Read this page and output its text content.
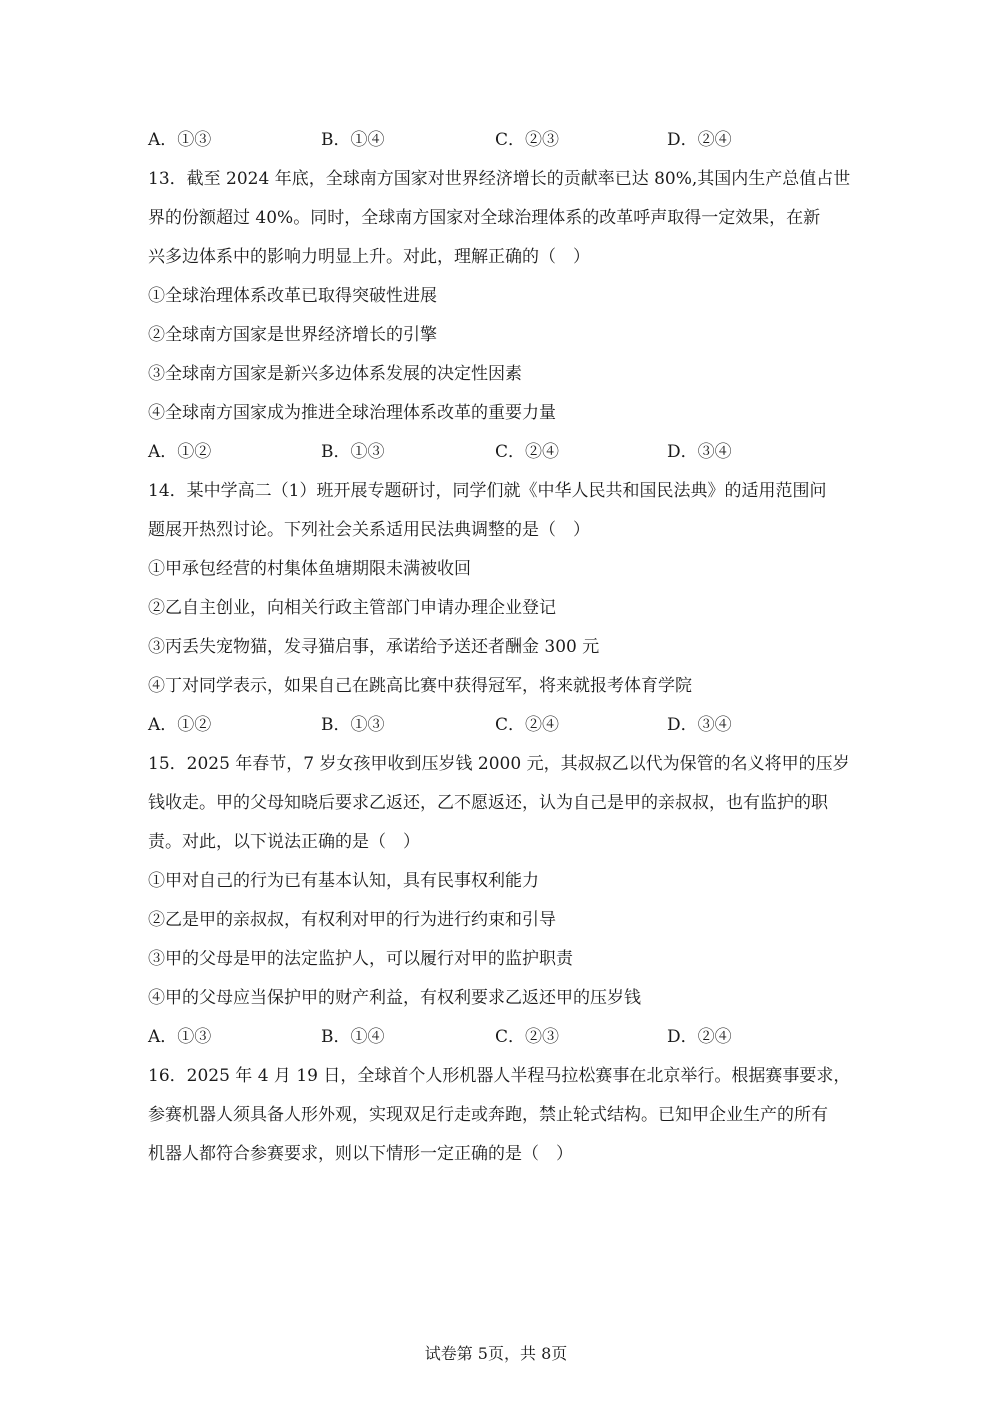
A．①③	B．①④	C．②③	D．②④
13．截至 2024 年底，全球南方国家对世界经济增长的贡献率已达 80%,其国内生产总值占世
界的份额超过 40%。同时，全球南方国家对全球治理体系的改革呼声取得一定效果，在新
兴多边体系中的影响力明显上升。对此，理解正确的（　）
①全球治理体系改革已取得突破性进展
②全球南方国家是世界经济增长的引擎
③全球南方国家是新兴多边体系发展的决定性因素
④全球南方国家成为推进全球治理体系改革的重要力量
A．①②	B．①③	C．②④	D．③④
14．某中学高二（1）班开展专题研讨，同学们就《中华人民共和国民法典》的适用范围问
题展开热烈讨论。下列社会关系适用民法典调整的是（　）
①甲承包经营的村集体鱼塘期限未满被收回
②乙自主创业，向相关行政主管部门申请办理企业登记
③丙丢失宠物猫，发寻猫启事，承诺给予送还者酬金 300 元
④丁对同学表示，如果自己在跳高比赛中获得冠军，将来就报考体育学院
A．①②	B．①③	C．②④	D．③④
15．2025 年春节，7 岁女孩甲收到压岁钱 2000 元，其叔叔乙以代为保管的名义将甲的压岁
钱收走。甲的父母知晓后要求乙返还，乙不愿返还，认为自己是甲的亲叔叔，也有监护的职
责。对此，以下说法正确的是（　）
①甲对自己的行为已有基本认知，具有民事权利能力
②乙是甲的亲叔叔，有权利对甲的行为进行约束和引导
③甲的父母是甲的法定监护人，可以履行对甲的监护职责
④甲的父母应当保护甲的财产利益，有权利要求乙返还甲的压岁钱
A．①③	B．①④	C．②③	D．②④
16．2025 年 4 月 19 日，全球首个人形机器人半程马拉松赛事在北京举行。根据赛事要求，
参赛机器人须具备人形外观，实现双足行走或奔跑，禁止轮式结构。已知甲企业生产的所有
机器人都符合参赛要求，则以下情形一定正确的是（　）
试卷第 5页，共 8页
